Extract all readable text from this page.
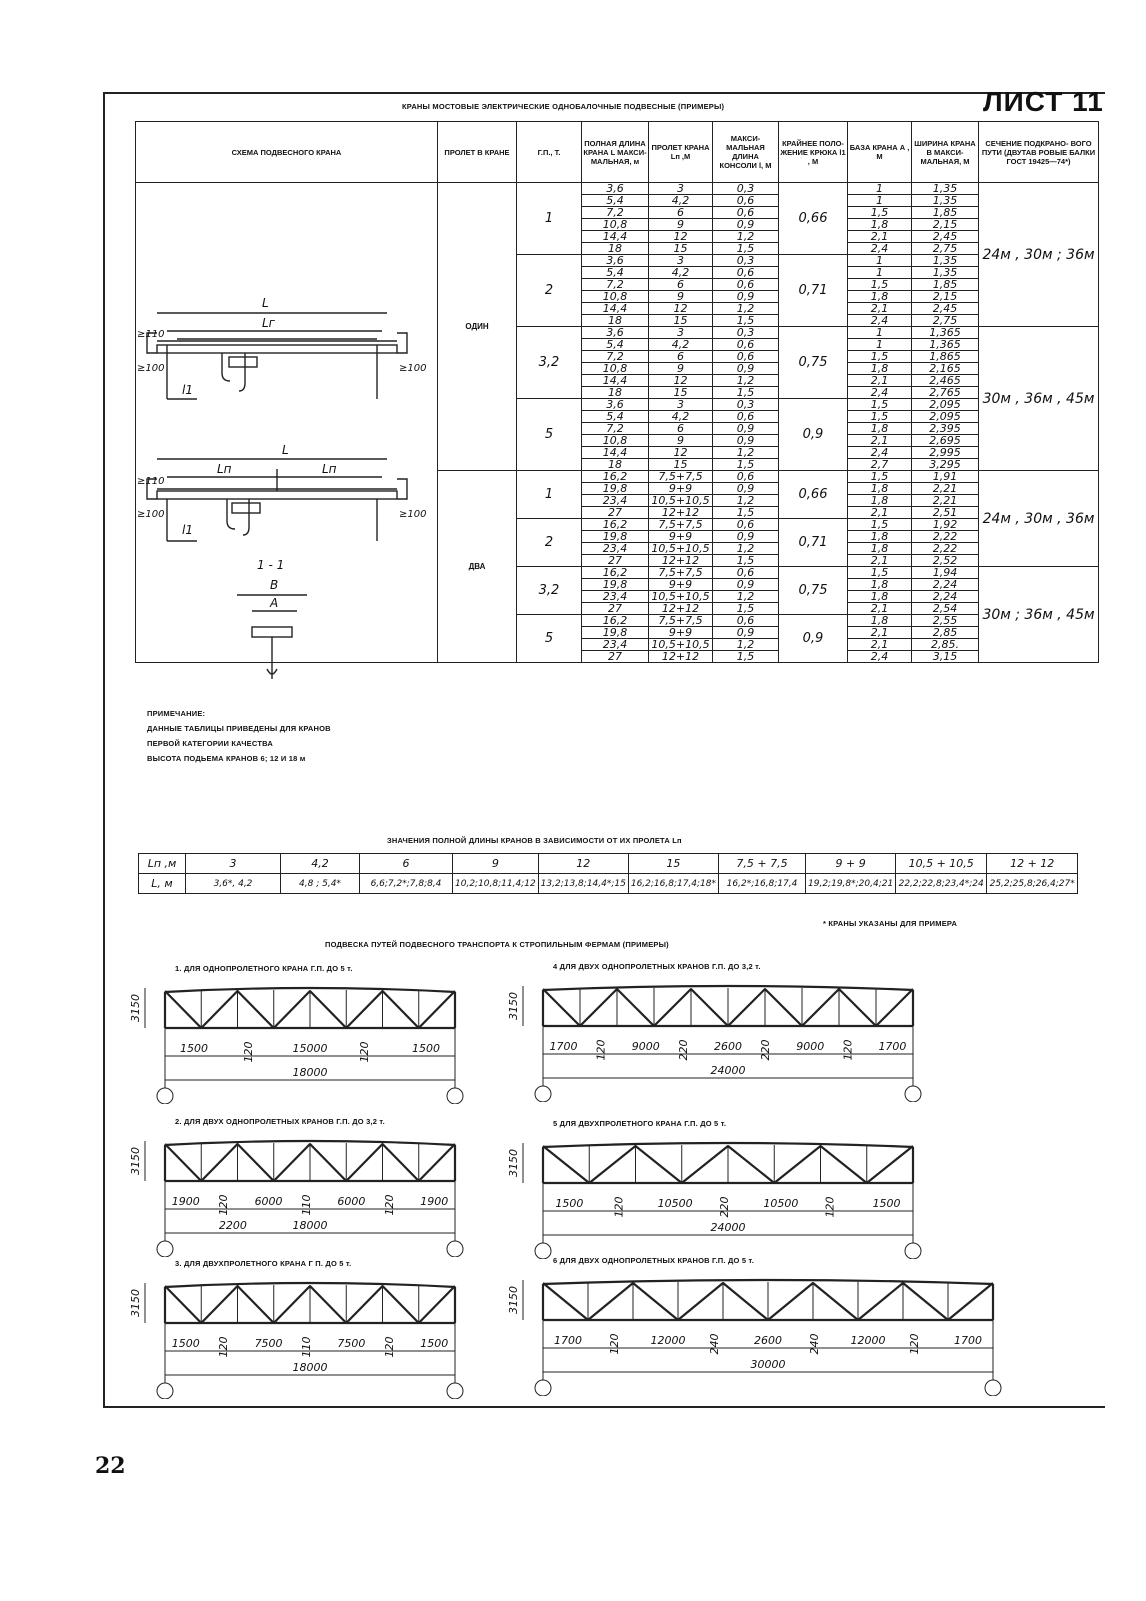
КРАНЫ МОСТОВЫЕ ЭЛЕКТРИЧЕСКИЕ ОДНОБАЛОЧНЫЕ ПОДВЕСНЫЕ (ПРИМЕРЫ)	ЛИСТ 11
СХЕМА ПОДВЕСНОГО КРАНА	ПРОЛЕТ В КРАНЕ	Г.П., Т.	ПОЛНАЯ ДЛИНА КРАНА L МАКСИ- МАЛЬНАЯ, м	ПРОЛЕТ КРАНА Lп ,М	МАКСИ- МАЛЬНАЯ ДЛИНА КОНСОЛИ l, М	КРАЙНЕЕ ПОЛО- ЖЕНИЕ КРЮКА l1 , М	БАЗА КРАНА А , М	ШИРИНА КРАНА В МАКСИ- МАЛЬНАЯ, М	СЕЧЕНИЕ ПОДКРАНО- ВОГО ПУТИ (ДВУТАВ РОВЫЕ БАЛКИ ГОСТ 19425—74*)
	ОДИН	1	3,6	3	0,3	0,66	1	1,35	24м , 30м ; 36м
			5,4	4,2	0,6		1	1,35	
			7,2	6	0,6		1,5	1,85	
			10,8	9	0,9		1,8	2,15	
			14,4	12	1,2		2,1	2,45	
			18	15	1,5		2,4	2,75	
		2	3,6	3	0,3	0,71	1	1,35	
			5,4	4,2	0,6		1	1,35	
			7,2	6	0,6		1,5	1,85	
			10,8	9	0,9		1,8	2,15	
			14,4	12	1,2		2,1	2,45	
			18	15	1,5		2,4	2,75	
		3,2	3,6	3	0,3	0,75	1	1,365	30м , 36м , 45м
			5,4	4,2	0,6		1	1,365	
			7,2	6	0,6		1,5	1,865	
			10,8	9	0,9		1,8	2,165	
			14,4	12	1,2		2,1	2,465	
			18	15	1,5		2,4	2,765	
		5	3,6	3	0,3	0,9	1,5	2,095	
			5,4	4,2	0,6		1,5	2,095	
			7,2	6	0,9		1,8	2,395	
			10,8	9	0,9		2,1	2,695	
			14,4	12	1,2		2,4	2,995	
			18	15	1,5		2,7	3,295	
	ДВА	1	16,2	7,5+7,5	0,6	0,66	1,5	1,91	24м , 30м , 36м
			19,8	9+9	0,9		1,8	2,21	
			23,4	10,5+10,5	1,2		1,8	2,21	
			27	12+12	1,5		2,1	2,51	
		2	16,2	7,5+7,5	0,6	0,71	1,5	1,92	
			19,8	9+9	0,9		1,8	2,22	
			23,4	10,5+10,5	1,2		1,8	2,22	
			27	12+12	1,5		2,1	2,52	
		3,2	16,2	7,5+7,5	0,6	0,75	1,5	1,94	30м ; 36м , 45м
			19,8	9+9	0,9		1,8	2,24	
			23,4	10,5+10,5	1,2		1,8	2,24	
			27	12+12	1,5		2,1	2,54	
		5	16,2	7,5+7,5	0,6	0,9	1,8	2,55	
			19,8	9+9	0,9		2,1	2,85	
			23,4	10,5+10,5	1,2		2,1	2,85.	
			27	12+12	1,5		2,4	3,15	
L
Lг
l1
L
Lп	Lп
l1
1 - 1
В
А
≥110
≥100	≥100
≥110
≥100	≥100
ПРИМЕЧАНИЕ:
ДАННЫЕ ТАБЛИЦЫ ПРИВЕДЕНЫ ДЛЯ КРАНОВ
ПЕРВОЙ КАТЕГОРИИ КАЧЕСТВА
ВЫСОТА ПОДЬЕМА КРАНОВ 6; 12 И 18 м
ЗНАЧЕНИЯ ПОЛНОЙ ДЛИНЫ КРАНОВ В ЗАВИСИМОСТИ ОТ ИХ ПРОЛЕТА Lп
Lп ,м	3	4,2	6	9	12	15	7,5 + 7,5	9 + 9	10,5 + 10,5	12 + 12
L, м	3,6*, 4,2	4,8 ; 5,4*	6,6;7,2*;7,8;8,4	10,2;10,8;11,4;12	13,2;13,8;14,4*;15	16,2;16,8;17,4;18*	16,2*;16,8;17,4	19,2;19,8*;20,4;21	22,2;22,8;23,4*;24	25,2;25,8;26,4;27*
* КРАНЫ УКАЗАНЫ ДЛЯ ПРИМЕРА
ПОДВЕСКА ПУТЕЙ ПОДВЕСНОГО ТРАНСПОРТА К СТРОПИЛЬНЫМ ФЕРМАМ (ПРИМЕРЫ)
1. ДЛЯ ОДНОПРОЛЕТНОГО КРАНА Г.П. ДО 5 т.
3150
1500	120	15000	120	1500
18000
2. ДЛЯ ДВУХ ОДНОПРОЛЕТНЫХ КРАНОВ Г.П. ДО 3,2 т.
3150
1900 120 6000 110 6000 120 1900
18000
2200
3. ДЛЯ ДВУХПРОЛЕТНОГО КРАНА Г П. ДО 5 т.
3150
1500 120 7500 110 7500 120 1500
18000
4 ДЛЯ ДВУХ ОДНОПРОЛЕТНЫХ КРАНОВ Г.П. ДО 3,2 т.
3150
1700 120 9000 220 2600 220 9000 120 1700
24000
5 ДЛЯ ДВУХПРОЛЕТНОГО КРАНА Г.П. ДО 5 т.
3150
1500	120	10500 220	10500 120	1500
24000
6 ДЛЯ ДВУХ ОДНОПРОЛЕТНЫХ КРАНОВ Г.П. ДО 5 т.
3150
1700 120	12000 240	2600 240	12000 120	1700
30000
22
